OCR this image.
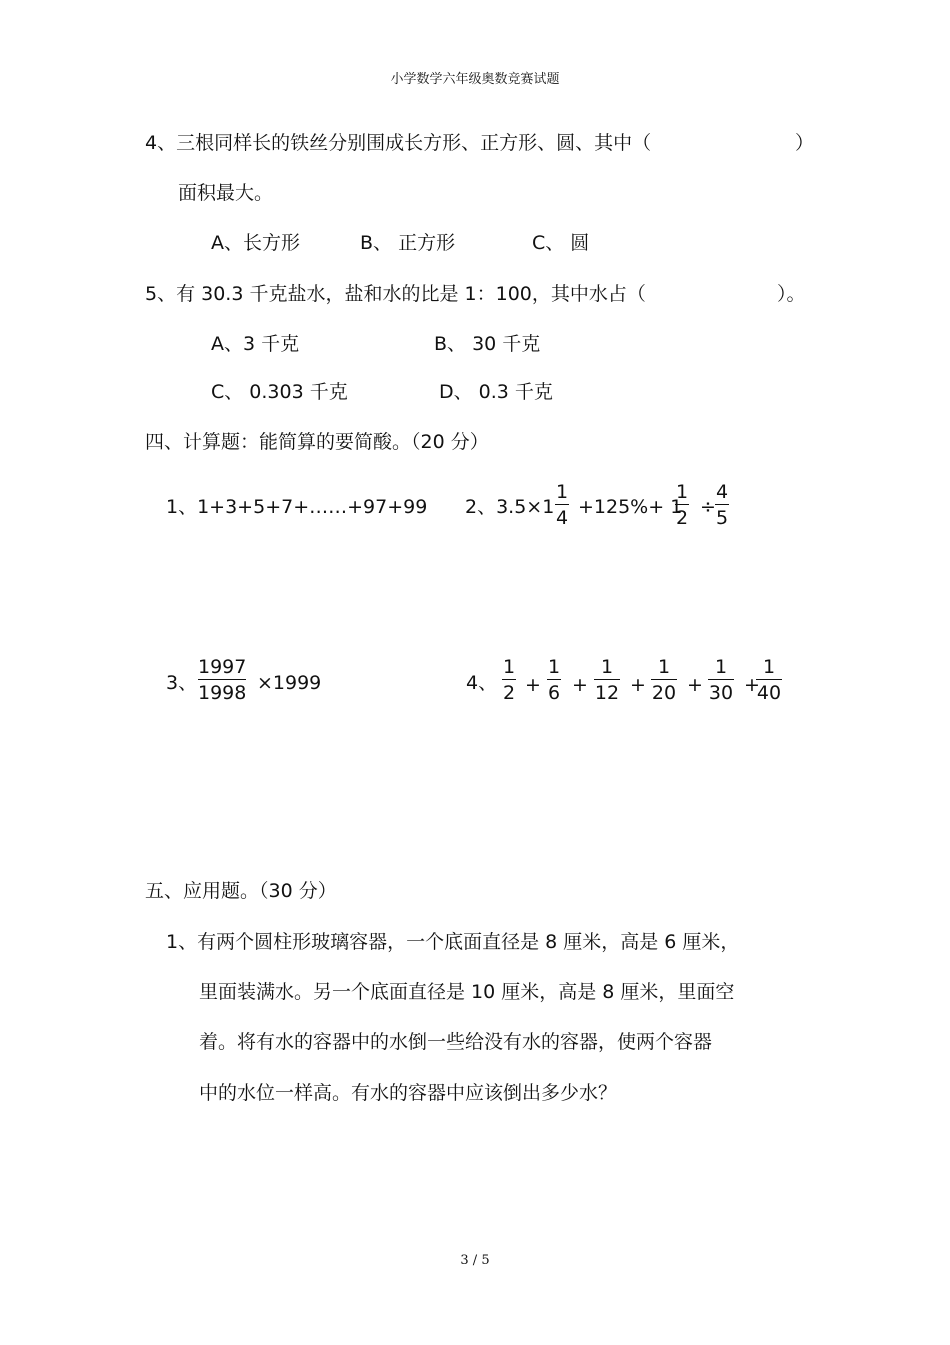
小学数学六年级奥数竞赛试题
4、三根同样长的铁丝分别围成长方形、正方形、圆、其中（	）
面积最大。
A、长方形	B、 正方形	C、 圆
5、有 30.3 千克盐水，盐和水的比是 1：100，其中水占（	）。
A、3 千克	B、 30 千克
C、 0.303 千克	D、 0.3 千克
四、计算题：能简算的要简酸。（20 分）
1、1+3+5+7+……+97+99 2、3.5×1
1
4 +125%+ 1
1
2 ÷
4
5
3、
1997
1998 ×1999	4、
1
2 +
1
6 +
1
12 +
1
20 +
1
30 +
1
40
五、应用题。（30 分）
1、有两个圆柱形玻璃容器，一个底面直径是 8 厘米，高是 6 厘米，
里面装满水。另一个底面直径是 10 厘米，高是 8 厘米，里面空
着。将有水的容器中的水倒一些给没有水的容器，使两个容器
中的水位一样高。有水的容器中应该倒出多少水？
3 / 5
